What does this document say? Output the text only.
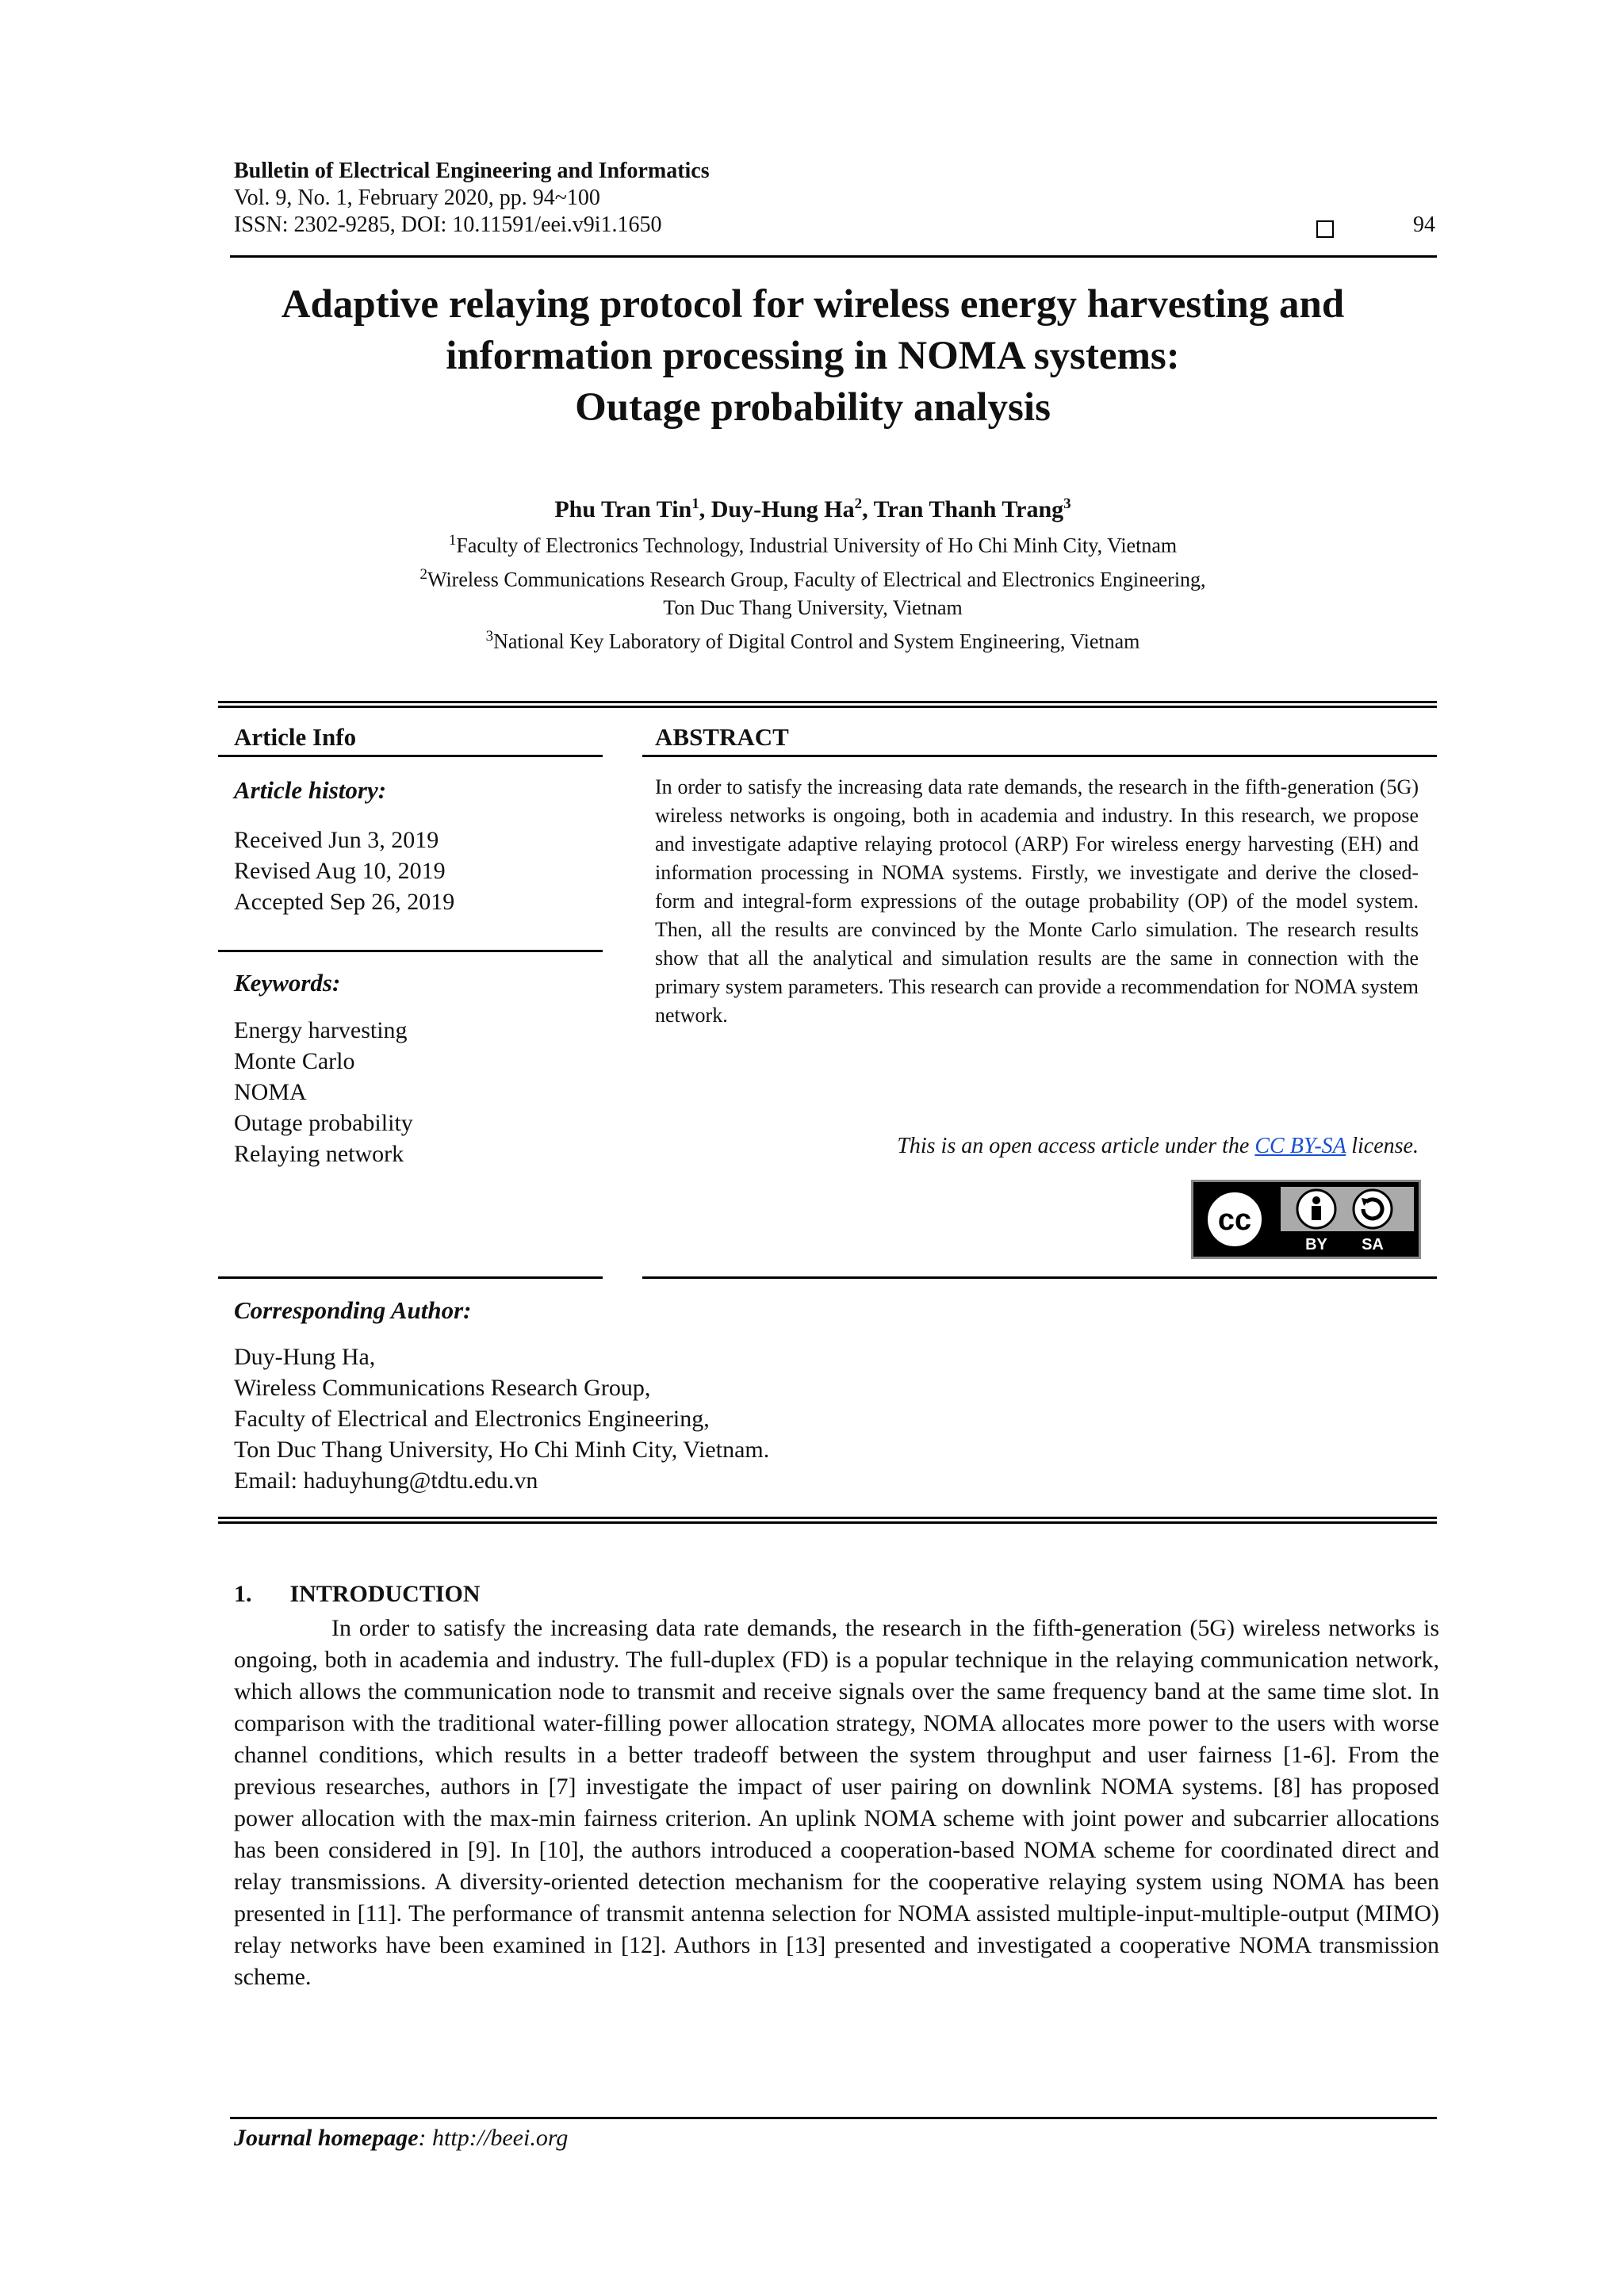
Bulletin of Electrical Engineering and Informatics
Vol. 9, No. 1, February 2020, pp. 94~100
ISSN: 2302-9285, DOI: 10.11591/eei.v9i1.1650	94
Adaptive relaying protocol for wireless energy harvesting and
information processing in NOMA systems:
Outage probability analysis
Phu Tran Tin$^1$, Duy-Hung Ha$^2$, Tran Thanh Trang$^3$
$^1$Faculty of Electronics Technology, Industrial University of Ho Chi Minh City, Vietnam
$^2$Wireless Communications Research Group, Faculty of Electrical and Electronics Engineering,
Ton Duc Thang University, Vietnam
$^3$National Key Laboratory of Digital Control and System Engineering, Vietnam
Article Info	ABSTRACT
Article history:
Received Jun 3, 2019
Revised Aug 10, 2019
Accepted Sep 26, 2019
Keywords:
Energy harvesting
Monte Carlo
NOMA
Outage probability
Relaying network
In order to satisfy the increasing data rate demands, the research in the fifth-generation (5G) wireless networks is ongoing, both in academia and industry. In this research, we propose and investigate adaptive relaying protocol (ARP) For wireless energy harvesting (EH) and information processing in NOMA systems. Firstly, we investigate and derive the closed-form and integral-form expressions of the outage probability (OP) of the model system. Then, all the results are convinced by the Monte Carlo simulation. The research results show that all the analytical and simulation results are the same in connection with the primary system parameters. This research can provide a recommendation for NOMA system network.
This is an open access article under the CC BY-SA license.
cc
BY SA
Corresponding Author:
Duy-Hung Ha,
Wireless Communications Research Group,
Faculty of Electrical and Electronics Engineering,
Ton Duc Thang University, Ho Chi Minh City, Vietnam.
Email: haduyhung@tdtu.edu.vn
1. INTRODUCTION
In order to satisfy the increasing data rate demands, the research in the fifth-generation (5G) wireless networks is ongoing, both in academia and industry. The full-duplex (FD) is a popular technique in the relaying communication network, which allows the communication node to transmit and receive signals over the same frequency band at the same time slot. In comparison with the traditional water-filling power allocation strategy, NOMA allocates more power to the users with worse channel conditions, which results in a better tradeoff between the system throughput and user fairness [1-6]. From the previous researches, authors in [7] investigate the impact of user pairing on downlink NOMA systems. [8] has proposed power allocation with the max-min fairness criterion. An uplink NOMA scheme with joint power and subcarrier allocations has been considered in [9]. In [10], the authors introduced a cooperation-based NOMA scheme for coordinated direct and relay transmissions. A diversity-oriented detection mechanism for the cooperative relaying system using NOMA has been presented in [11]. The performance of transmit antenna selection for NOMA assisted multiple-input-multiple-output (MIMO) relay networks have been examined in [12]. Authors in [13] presented and investigated a cooperative NOMA transmission scheme.
Journal homepage: http://beei.org
